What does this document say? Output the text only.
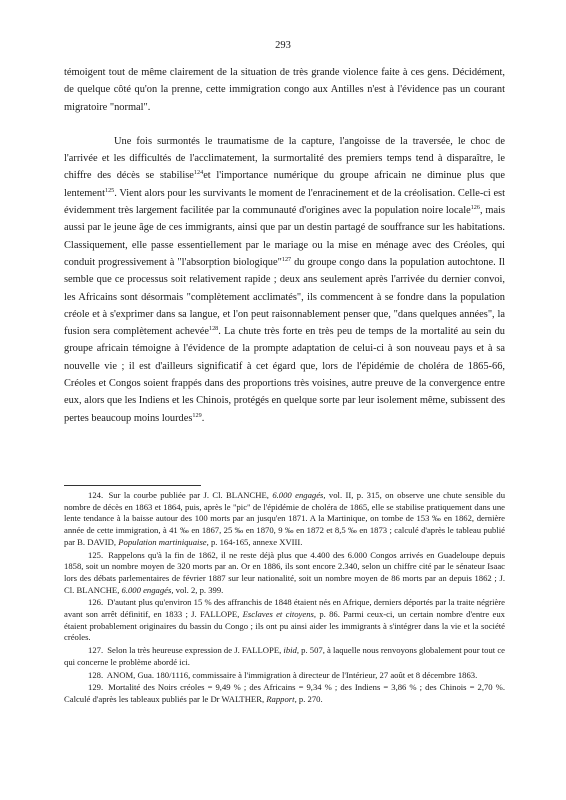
293

témoigent tout de même clairement de la situation de très grande violence faite à ces gens. Décidément, de quelque côté qu'on la prenne, cette immigration congo aux Antilles n'est à l'évidence pas un courant migratoire "normal".

Une fois surmontés le traumatisme de la capture, l'angoisse de la traversée, le choc de l'arrivée et les difficultés de l'acclimatement, la surmortalité des premiers temps tend à disparaître, le chiffre des décès se stabilise$^{124}$et l'importance numérique du groupe africain ne diminue plus que lentement$^{125}$. Vient alors pour les survivants le moment de l'enracinement et de la créolisation. Celle-ci est évidemment très largement facilitée par la communauté d'origines avec la population noire locale$^{126}$, mais aussi par le jeune âge de ces immigrants, ainsi que par un destin partagé de souffrance sur les habitations. Classiquement, elle passe essentiellement par le mariage ou la mise en ménage avec des Créoles, qui conduit progressivement à "l'absorption biologique"$^{127}$ du groupe congo dans la population autochtone. Il semble que ce processus soit relativement rapide ; deux ans seulement après l'arrivée du dernier convoi, les Africains sont désormais "complètement acclimatés", ils commencent à se fondre dans la population créole et à s'exprimer dans sa langue, et l'on peut raisonnablement penser que, "dans quelques années", la fusion sera complètement achevée$^{128}$. La chute très forte en très peu de temps de la mortalité au sein du groupe africain témoigne à l'évidence de la prompte adaptation de celui-ci à son nouveau pays et à sa nouvelle vie ; il est d'ailleurs significatif à cet égard que, lors de l'épidémie de choléra de 1865-66, Créoles et Congos soient frappés dans des proportions très voisines, autre preuve de la convergence entre eux, alors que les Indiens et les Chinois, protégés en quelque sorte par leur isolement même, subissent des pertes beaucoup moins lourdes$^{129}$.

124. Sur la courbe publiée par J. Cl. BLANCHE, 6.000 engagés, vol. II, p. 315, on observe une chute sensible du nombre de décès en 1863 et 1864, puis, après le "pic" de l'épidémie de choléra de 1865, elle se stabilise pratiquement dans une lente tendance à la baisse autour des 100 morts par an jusqu'en 1871. A la Martinique, on tombe de 153 ‰ en 1862, dernière année de cette immigration, à 41 ‰ en 1867, 25 ‰ en 1870, 9 ‰ en 1872 et 8,5 ‰ en 1873 ; calculé d'après le tableau publié par B. DAVID, Population martiniquaise, p. 164-165, annexe XVIII.

125. Rappelons qu'à la fin de 1862, il ne reste déjà plus que 4.400 des 6.000 Congos arrivés en Guadeloupe depuis 1858, soit un nombre moyen de 320 morts par an. Or en 1886, ils sont encore 2.340, selon un chiffre cité par le sénateur Isaac lors des débats parlementaires de février 1887 sur leur nationalité, soit un nombre moyen de 86 morts par an depuis 1862 ; J. Cl. BLANCHE, 6.000 engagés, vol. 2, p. 399.

126. D'autant plus qu'environ 15 % des affranchis de 1848 étaient nés en Afrique, derniers déportés par la traite négrière avant son arrêt définitif, en 1833 ; J. FALLOPE, Esclaves et citoyens, p. 86. Parmi ceux-ci, un certain nombre d'entre eux étaient probablement originaires du bassin du Congo ; ils ont pu ainsi aider les immigrants à s'intégrer dans la vie et la société créoles.

127. Selon la très heureuse expression de J. FALLOPE, ibid, p. 507, à laquelle nous renvoyons globalement pour tout ce qui concerne le problème abordé ici.

128. ANOM, Gua. 180/1116, commissaire à l'immigration à directeur de l'Intérieur, 27 août et 8 décembre 1863.

129. Mortalité des Noirs créoles = 9,49 % ; des Africains = 9,34 % ; des Indiens = 3,86 % ; des Chinois = 2,70 %. Calculé d'après les tableaux publiés par le Dr WALTHER, Rapport, p. 270.
